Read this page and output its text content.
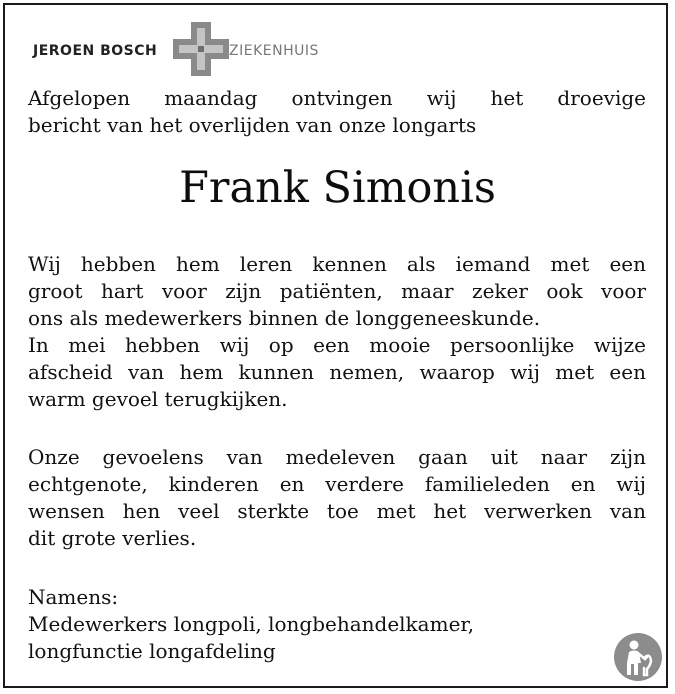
JEROEN BOSCH	ZIEKENHUIS
Afgelopen maandag ontvingen wij het droevige
bericht van het overlijden van onze longarts
Frank Simonis
Wij hebben hem leren kennen als iemand met een
groot hart voor zijn patiënten, maar zeker ook voor
ons als medewerkers binnen de longgeneeskunde.
In mei hebben wij op een mooie persoonlijke wijze
afscheid van hem kunnen nemen, waarop wij met een
warm gevoel terugkijken.
Onze gevoelens van medeleven gaan uit naar zijn
echtgenote, kinderen en verdere familieleden en wij
wensen hen veel sterkte toe met het verwerken van
dit grote verlies.
Namens:
Medewerkers longpoli, longbehandelkamer,
longfunctie longafdeling
